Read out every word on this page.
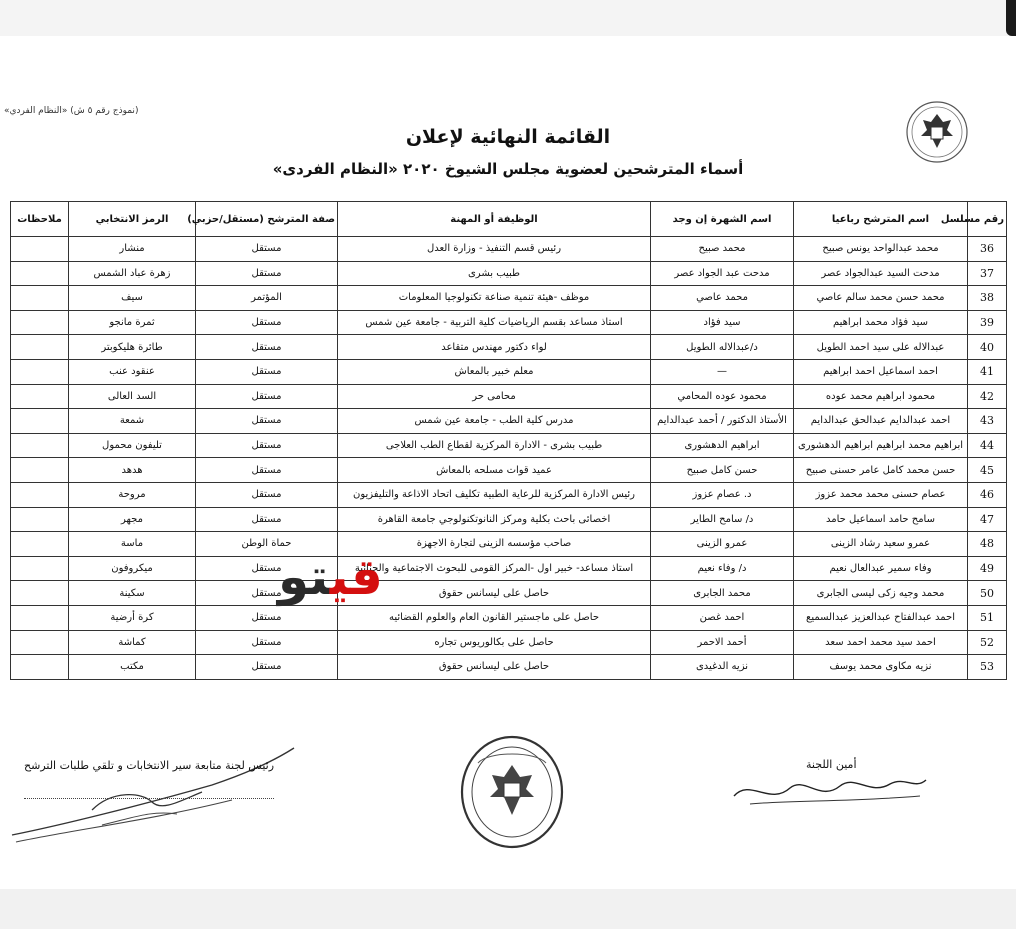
(نموذج رقم ٥ ش) «النظام الفردي»
القائمة النهائية لإعلان
أسماء المترشحين لعضوية مجلس الشيوخ ٢٠٢٠ «النظام الفردى»
رقم مسلسل	اسم المترشح رباعيا	اسم الشهرة إن وجد	الوظيفة أو المهنة	صفة المترشح (مستقل/حزبي)	الرمز الانتخابي	ملاحظات
36	محمد عبدالواحد يونس صبيح	محمد صبيح	رئيس قسم التنفيذ - وزارة العدل	مستقل	منشار	
37	مدحت السيد عبدالجواد عصر	مدحت عبد الجواد عصر	طبيب بشرى	مستقل	زهرة عباد الشمس	
38	محمد حسن محمد سالم عاصي	محمد عاصي	موظف -هيئة تنمية صناعة تكنولوجيا المعلومات	المؤتمر	سيف	
39	سيد فؤاد محمد ابراهيم	سيد فؤاد	استاذ مساعد بقسم الرياضيات كلية التربية - جامعة عين شمس	مستقل	ثمرة مانجو	
40	عبدالاله على سيد احمد الطويل	د/عبدالاله الطويل	لواء دكتور مهندس متقاعد	مستقل	طائرة هليكوبتر	
41	احمد اسماعيل احمد ابراهيم	—	معلم خبير بالمعاش	مستقل	عنقود عنب	
42	محمود ابراهيم محمد عوده	محمود عوده المحامي	محامى حر	مستقل	السد العالى	
43	احمد عبدالدايم عبدالحق عبدالدايم	الأستاذ الدكتور / أحمد عبدالدايم	مدرس كلية الطب - جامعة عين شمس	مستقل	شمعة	
44	ابراهيم محمد ابراهيم ابراهيم الدهشورى	ابراهيم الدهشورى	طبيب بشرى - الادارة المركزية لقطاع الطب العلاجى	مستقل	تليفون محمول	
45	حسن محمد كامل عامر حسنى صبيح	حسن كامل صبيح	عميد قوات مسلحه بالمعاش	مستقل	هدهد	
46	عصام حسنى محمد محمد عزوز	د. عصام عزوز	رئيس الادارة المركزية للرعاية الطبية تكليف اتحاد الاذاعة والتليفزيون	مستقل	مروحة	
47	سامح حامد اسماعيل حامد	د/ سامح الطاير	اخصائى باحث بكلية ومركز النانوتكنولوجي جامعة القاهرة	مستقل	مجهر	
48	عمرو سعيد رشاد الزينى	عمرو الزينى	صاحب مؤسسه الزينى لتجارة الاجهزة	حماة الوطن	ماسة	
49	وفاء سمير عبدالعال نعيم	د/ وفاء نعيم	استاذ مساعد- خبير اول -المركز القومى للبحوث الاجتماعية والجنائية	مستقل	ميكروفون	
50	محمد وجيه زكى ليسى الجابرى	محمد الجابرى	حاصل على ليسانس حقوق	مستقل	سكينة	
51	احمد عبدالفتاح عبدالعزيز عبدالسميع	احمد غصن	حاصل على ماجستير القانون العام والعلوم القضائيه	مستقل	كرة أرضية	
52	احمد سيد محمد احمد سعد	أحمد الاحمر	حاصل على بكالوريوس تجاره	مستقل	كماشة	
53	نزيه مكاوى محمد يوسف	نزيه الدغيدى	حاصل على ليسانس حقوق	مستقل	مكتب	
قيتو
رئيس لجنة متابعة سير الانتخابات و تلقي طلبات الترشح	أمين اللجنة
